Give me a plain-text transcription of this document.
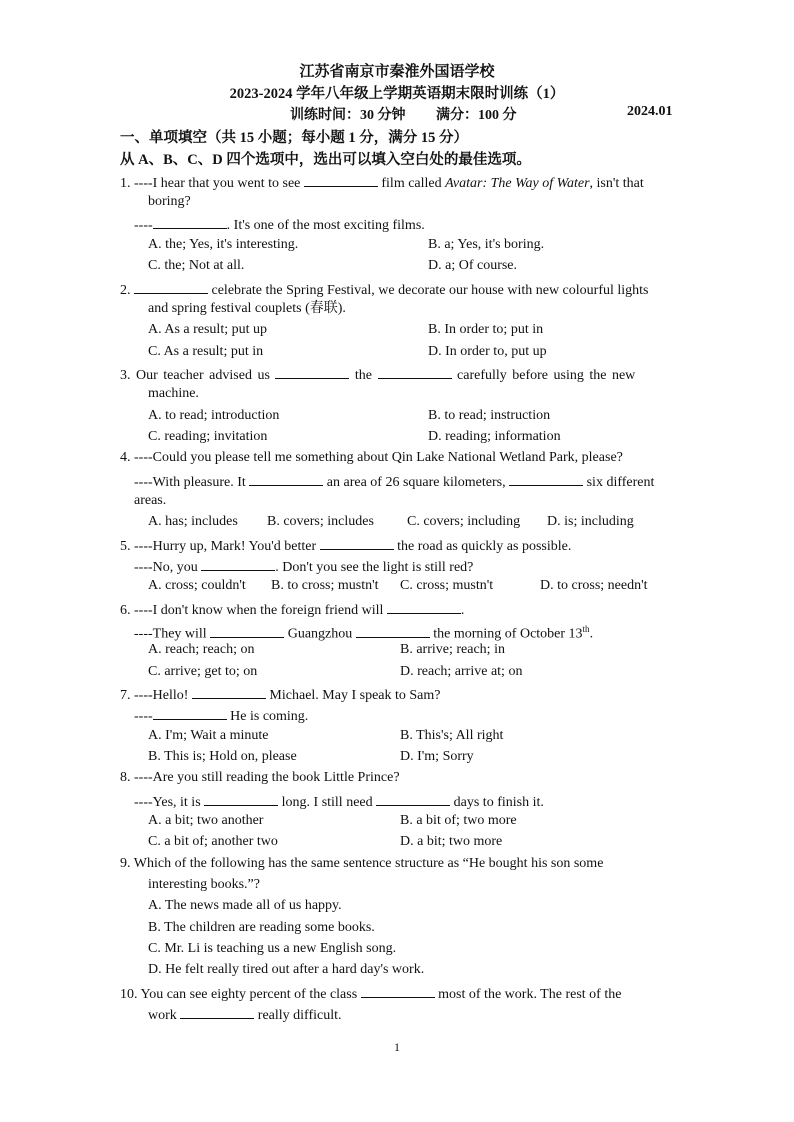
江苏省南京市秦淮外国语学校
2023-2024 学年八年级上学期英语期末限时训练（1）
训练时间：30 分钟 满分：100 分	2024.01
一、单项填空（共 15 小题；每小题 1 分，满分 15 分）
从 A、B、C、D 四个选项中，选出可以填入空白处的最佳选项。
1. ----I hear that you went to see	film called Avatar: The Way of Water, isn't that
boring?
----	. It's one of the most exciting films.
A. the; Yes, it's interesting.	B. a; Yes, it's boring.
C. the; Not at all.	D. a; Of course.
2.	celebrate the Spring Festival, we decorate our house with new colourful lights
and spring festival couplets (春联).
A. As a result; put up	B. In order to; put in
C. As a result; put in	D. In order to, put up
3. Our teacher advised us	the	carefully before using the new
machine.
A. to read; introduction	B. to read; instruction
C. reading; invitation	D. reading; information
4. ----Could you please tell me something about Qin Lake National Wetland Park, please?
----With pleasure. It	an area of 26 square kilometers,	six different
areas.
A. has; includes B. covers; includes C. covers; including D. is; including
5. ----Hurry up, Mark! You'd better	the road as quickly as possible.
----No, you	. Don't you see the light is still red?
A. cross; couldn't B. to cross; mustn't C. cross; mustn't	D. to cross; needn't
6. ----I don't know when the foreign friend will	.
----They will	Guangzhou	the morning of October 13th.
A. reach; reach; on	B. arrive; reach; in
C. arrive; get to; on	D. reach; arrive at; on
7. ----Hello!	Michael. May I speak to Sam?
----	He is coming.
A. I'm; Wait a minute	B. This's; All right
B. This is; Hold on, please	D. I'm; Sorry
8. ----Are you still reading the book Little Prince?
----Yes, it is	long. I still need	days to finish it.
A. a bit; two another	B. a bit of; two more
C. a bit of; another two	D. a bit; two more
9. Which of the following has the same sentence structure as “He bought his son some
interesting books.”?
A. The news made all of us happy.
B. The children are reading some books.
C. Mr. Li is teaching us a new English song.
D. He felt really tired out after a hard day's work.
10. You can see eighty percent of the class	most of the work. The rest of the
work	really difficult.
1
